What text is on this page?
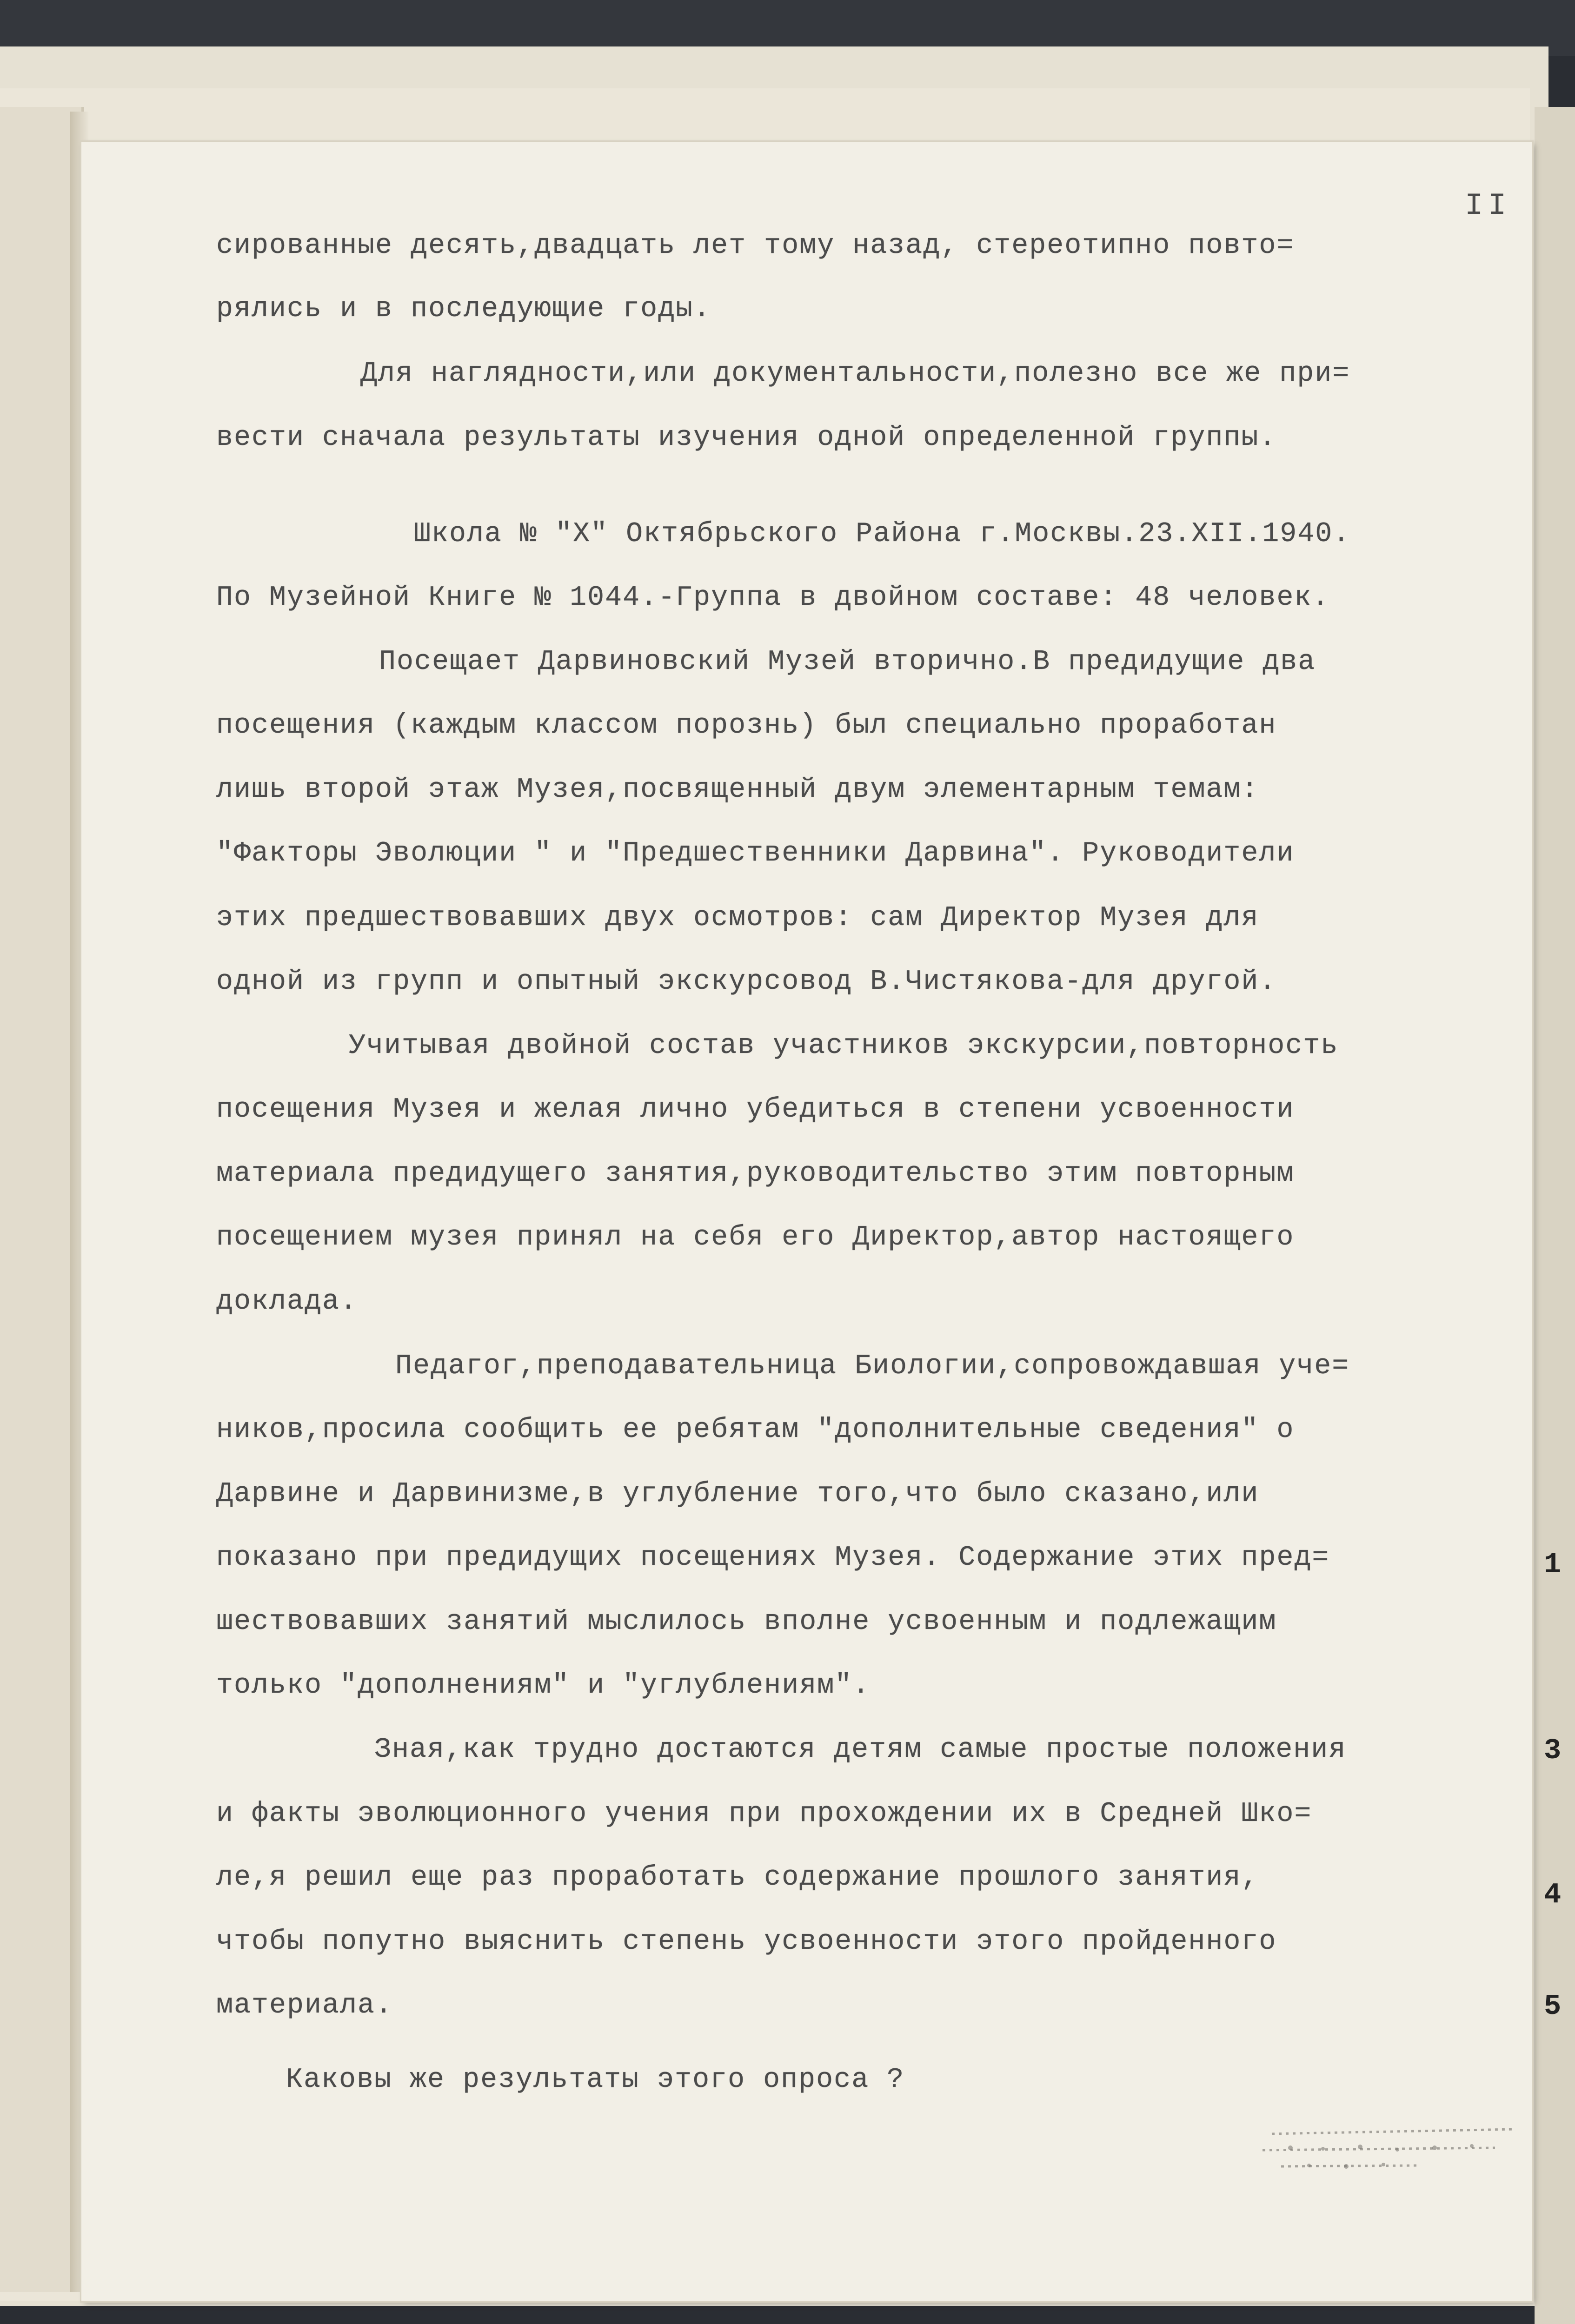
1
3
4
5
II
сированные десять,двадцать лет тому назад, стереотипно повто=
рялись и в последующие годы.
Для наглядности,или документальности,полезно все же при=
вести сначала результаты изучения одной определенной группы.
Школа № "Х" Октябрьского Района г.Москвы.23.XII.1940.
По Музейной Книге № 1044.-Группа в двойном составе: 48 человек.
Посещает Дарвиновский Музей вторично.В предидущие два
посещения (каждым классом порознь) был специально проработан
лишь второй этаж Музея,посвященный двум элементарным темам:
"Факторы Эволюции " и "Предшественники Дарвина". Руководители
этих предшествовавших двух осмотров: сам Директор Музея для
одной из групп и опытный экскурсовод В.Чистякова-для другой.
Учитывая двойной состав участников экскурсии,повторность
посещения Музея и желая лично убедиться в степени усвоенности
материала предидущего занятия,руководительство этим повторным
посещением музея принял на себя его Директор,автор настоящего
доклада.
Педагог,преподавательница Биологии,сопровождавшая уче=
ников,просила сообщить ее ребятам "дополнительные сведения" о
Дарвине и Дарвинизме,в углубление того,что было сказано,или
показано при предидущих посещениях Музея. Содержание этих пред=
шествовавших занятий мыслилось вполне усвоенным и подлежащим
только "дополнениям" и "углублениям".
Зная,как трудно достаются детям самые простые положения
и факты эволюционного учения при прохождении их в Средней Шко=
ле,я решил еще раз проработать содержание прошлого занятия,
чтобы попутно выяснить степень усвоенности этого пройденного
материала.
Каковы же результаты этого опроса ?
